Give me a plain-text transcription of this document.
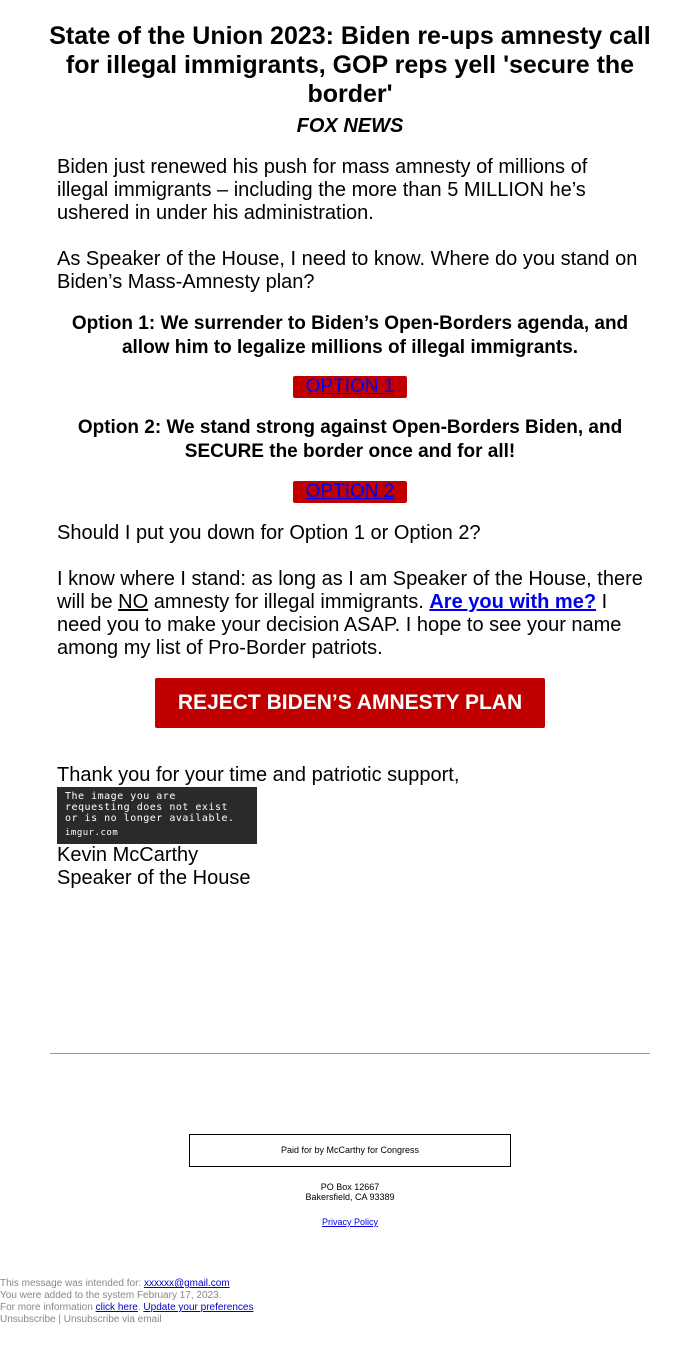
State of the Union 2023: Biden re-ups amnesty call for illegal immigrants, GOP reps yell 'secure the border'
FOX NEWS

Biden just renewed his push for mass amnesty of millions of illegal immigrants – including the more than 5 MILLION he’s ushered in under his administration.

As Speaker of the House, I need to know. Where do you stand on Biden’s Mass-Amnesty plan?

Option 1: We surrender to Biden’s Open-Borders agenda, and allow him to legalize millions of illegal immigrants.

OPTION 1

Option 2: We stand strong against Open-Borders Biden, and SECURE the border once and for all!

OPTION 2

Should I put you down for Option 1 or Option 2?

I know where I stand: as long as I am Speaker of the House, there will be NO amnesty for illegal immigrants. Are you with me? I need you to make your decision ASAP. I hope to see your name among my list of Pro-Border patriots.

REJECT BIDEN’S AMNESTY PLAN

Thank you for your time and patriotic support,

The image you are
requesting does not exist
or is no longer available.
imgur.com

Kevin McCarthy

Speaker of the House

Paid for by McCarthy for Congress
PO Box 12667
Bakersfield, CA 93389
Privacy Policy
This message was intended for: xxxxxx@gmail.com
You were added to the system February 17, 2023.
For more information click here. Update your preferences
Unsubscribe | Unsubscribe via email
